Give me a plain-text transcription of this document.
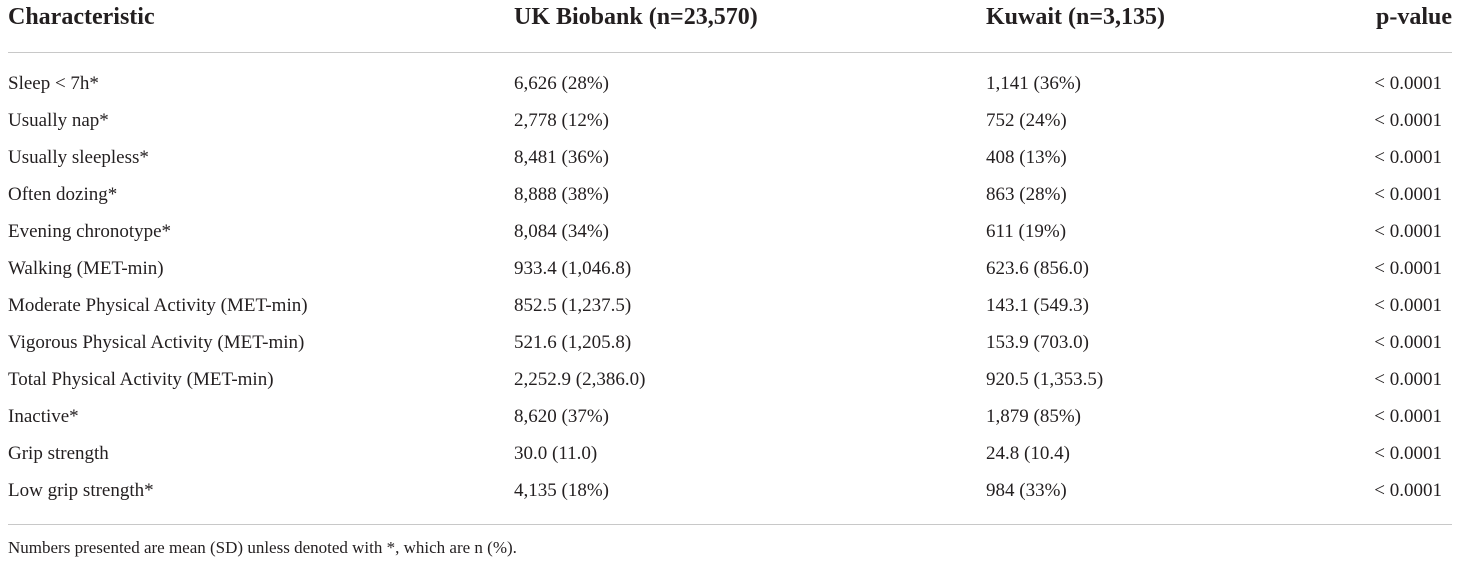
Characteristic	UK Biobank (n=23,570)	Kuwait (n=3,135)	p-value
Sleep < 7h*	6,626 (28%)	1,141 (36%)	< 0.0001
Usually nap*	2,778 (12%)	752 (24%)	< 0.0001
Usually sleepless*	8,481 (36%)	408 (13%)	< 0.0001
Often dozing*	8,888 (38%)	863 (28%)	< 0.0001
Evening chronotype*	8,084 (34%)	611 (19%)	< 0.0001
Walking (MET-min)	933.4 (1,046.8)	623.6 (856.0)	< 0.0001
Moderate Physical Activity (MET-min)	852.5 (1,237.5)	143.1 (549.3)	< 0.0001
Vigorous Physical Activity (MET-min)	521.6 (1,205.8)	153.9 (703.0)	< 0.0001
Total Physical Activity (MET-min)	2,252.9 (2,386.0)	920.5 (1,353.5)	< 0.0001
Inactive*	8,620 (37%)	1,879 (85%)	< 0.0001
Grip strength	30.0 (11.0)	24.8 (10.4)	< 0.0001
Low grip strength*	4,135 (18%)	984 (33%)	< 0.0001
Numbers presented are mean (SD) unless denoted with *, which are n (%).
